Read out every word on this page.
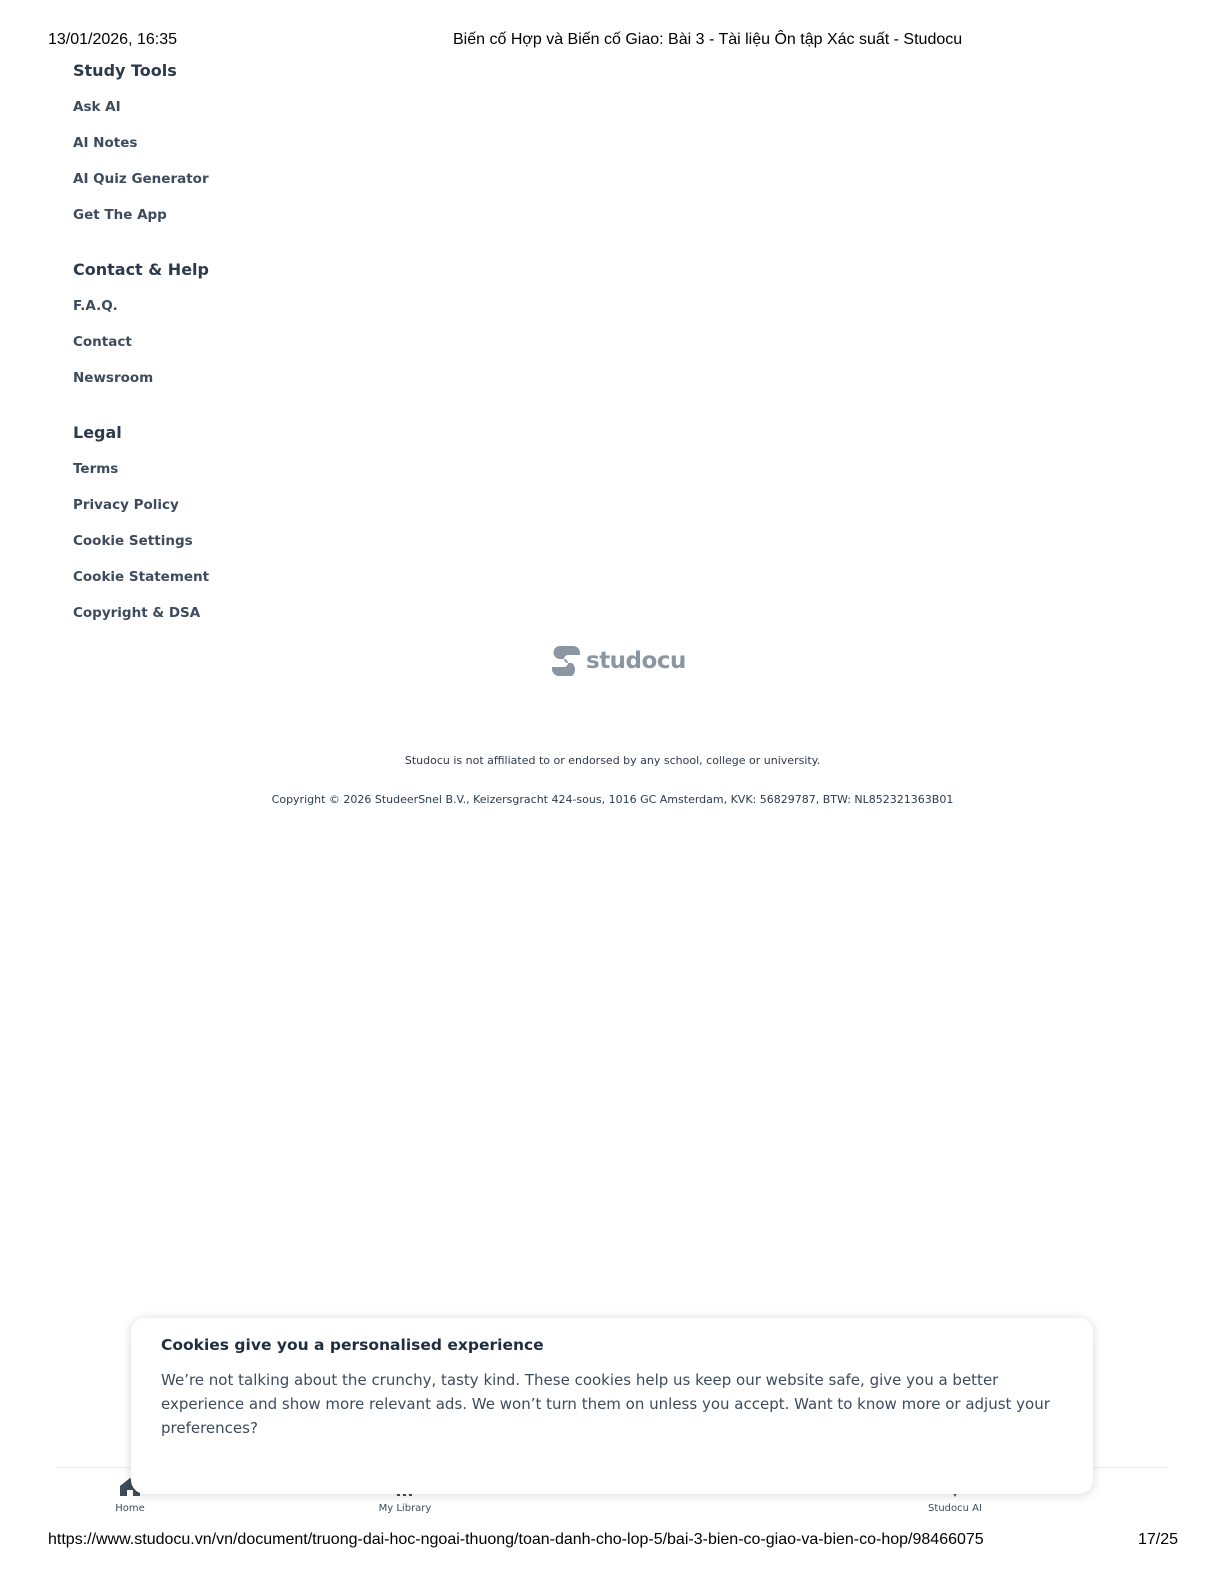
13/01/2026, 16:35	Biến cố Hợp và Biến cố Giao: Bài 3 - Tài liệu Ôn tập Xác suất - Studocu
Study Tools
Ask AI
AI Notes
AI Quiz Generator
Get The App
Contact & Help
F.A.Q.
Contact
Newsroom
Legal
Terms
Privacy Policy
Cookie Settings
Cookie Statement
Copyright & DSA
studocu
Studocu is not affiliated to or endorsed by any school, college or university.
Copyright © 2026 StudeerSnel B.V., Keizersgracht 424-sous, 1016 GC Amsterdam, KVK: 56829787, BTW: NL852321363B01
Home	My Library	Studocu AI
Cookies give you a personalised experience

We’re not talking about the crunchy, tasty kind. These cookies help us keep our website safe, give you a better experience and show more relevant ads. We won’t turn them on unless you accept. Want to know more or adjust your preferences?

https://www.studocu.vn/vn/document/truong-dai-hoc-ngoai-thuong/toan-danh-cho-lop-5/bai-3-bien-co-giao-va-bien-co-hop/98466075	17/25
